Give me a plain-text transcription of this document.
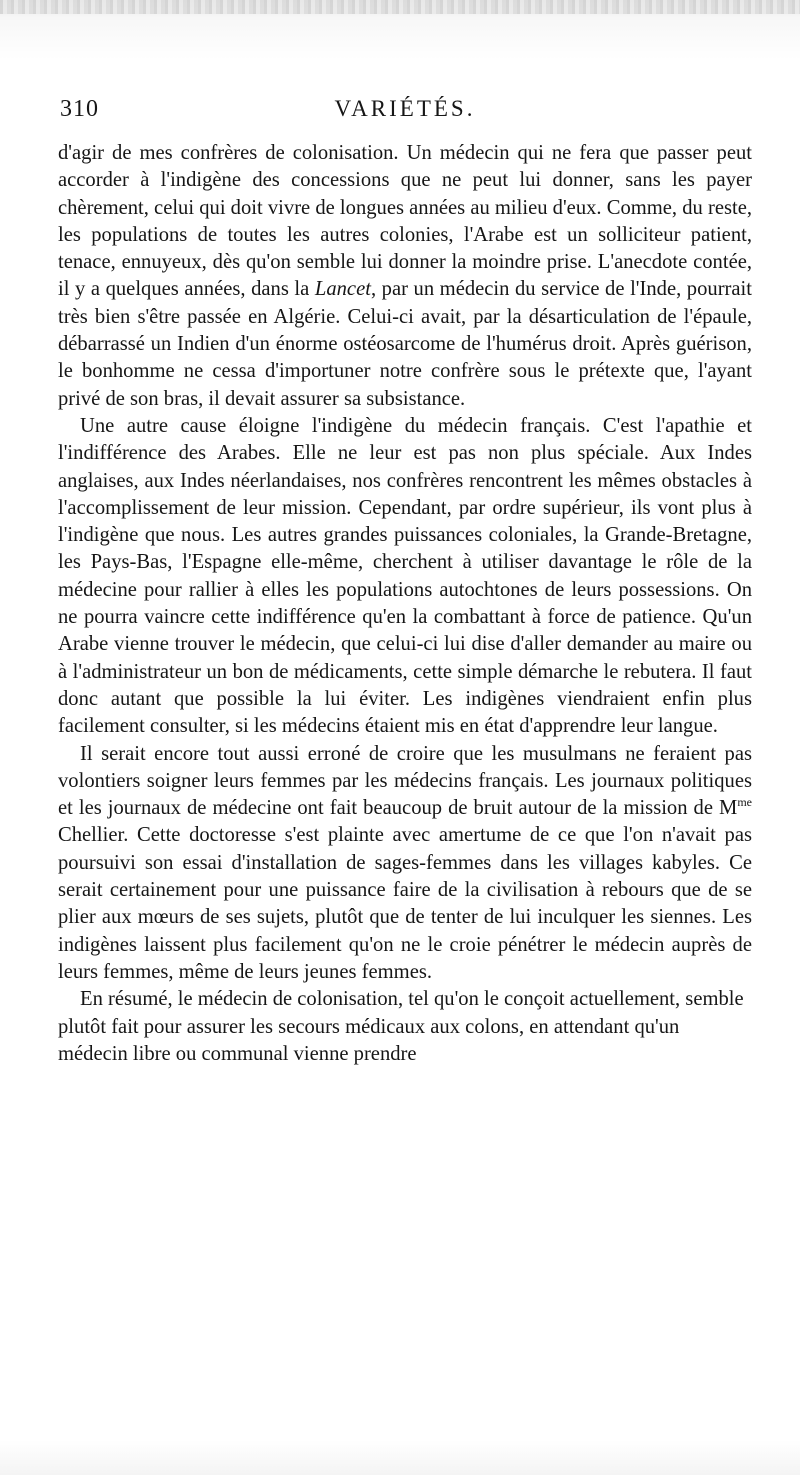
310	VARIÉTÉS.

d'agir de mes confrères de colonisation. Un médecin qui ne fera que passer peut accorder à l'indigène des concessions que ne peut lui donner, sans les payer chèrement, celui qui doit vivre de longues années au milieu d'eux. Comme, du reste, les populations de toutes les autres colonies, l'Arabe est un solliciteur patient, tenace, ennuyeux, dès qu'on semble lui donner la moindre prise. L'anecdote contée, il y a quelques années, dans la Lancet, par un médecin du service de l'Inde, pourrait très bien s'être passée en Algérie. Celui-ci avait, par la désarticulation de l'épaule, débarrassé un Indien d'un énorme ostéosarcome de l'humérus droit. Après guérison, le bonhomme ne cessa d'importuner notre confrère sous le prétexte que, l'ayant privé de son bras, il devait assurer sa subsistance.

Une autre cause éloigne l'indigène du médecin français. C'est l'apathie et l'indifférence des Arabes. Elle ne leur est pas non plus spéciale. Aux Indes anglaises, aux Indes néerlandaises, nos confrères rencontrent les mêmes obstacles à l'accomplissement de leur mission. Cependant, par ordre supérieur, ils vont plus à l'indigène que nous. Les autres grandes puissances coloniales, la Grande-Bretagne, les Pays-Bas, l'Espagne elle-même, cherchent à utiliser davantage le rôle de la médecine pour rallier à elles les populations autochtones de leurs possessions. On ne pourra vaincre cette indifférence qu'en la combattant à force de patience. Qu'un Arabe vienne trouver le médecin, que celui-ci lui dise d'aller demander au maire ou à l'administrateur un bon de médicaments, cette simple démarche le rebutera. Il faut donc autant que possible la lui éviter. Les indigènes viendraient enfin plus facilement consulter, si les médecins étaient mis en état d'apprendre leur langue.

Il serait encore tout aussi erroné de croire que les musulmans ne feraient pas volontiers soigner leurs femmes par les médecins français. Les journaux politiques et les journaux de médecine ont fait beaucoup de bruit autour de la mission de $M^{me}$ Chellier. Cette doctoresse s'est plainte avec amertume de ce que l'on n'avait pas poursuivi son essai d'installation de sages-femmes dans les villages kabyles. Ce serait certainement pour une puissance faire de la civilisation à rebours que de se plier aux mœurs de ses sujets, plutôt que de tenter de lui inculquer les siennes. Les indigènes laissent plus facilement qu'on ne le croie pénétrer le médecin auprès de leurs femmes, même de leurs jeunes femmes.

En résumé, le médecin de colonisation, tel qu'on le conçoit actuellement, semble plutôt fait pour assurer les secours médicaux aux colons, en attendant qu'un médecin libre ou communal vienne prendre
